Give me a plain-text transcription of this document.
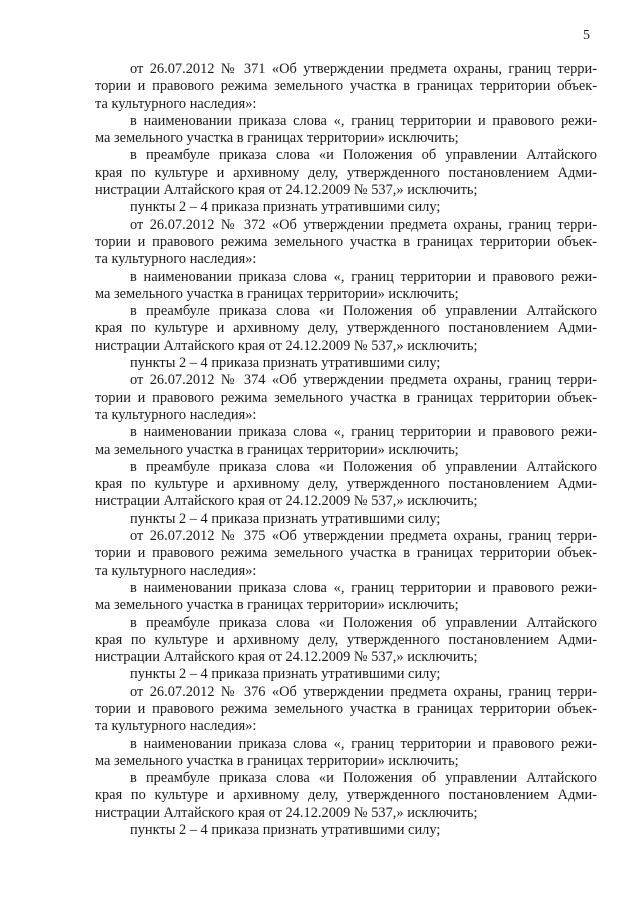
5
от 26.07.2012 № 371 «Об утверждении предмета охраны, границ терри-
тории и правового режима земельного участка в границах территории объек-
та культурного наследия»:
в наименовании приказа слова «, границ территории и правового режи-
ма земельного участка в границах территории» исключить;
в преамбуле приказа слова «и Положения об управлении Алтайского
края по культуре и архивному делу, утвержденного постановлением Адми-
нистрации Алтайского края от 24.12.2009 № 537,» исключить;
пункты 2 – 4 приказа признать утратившими силу;
от 26.07.2012 № 372 «Об утверждении предмета охраны, границ терри-
тории и правового режима земельного участка в границах территории объек-
та культурного наследия»:
в наименовании приказа слова «, границ территории и правового режи-
ма земельного участка в границах территории» исключить;
в преамбуле приказа слова «и Положения об управлении Алтайского
края по культуре и архивному делу, утвержденного постановлением Адми-
нистрации Алтайского края от 24.12.2009 № 537,» исключить;
пункты 2 – 4 приказа признать утратившими силу;
от 26.07.2012 № 374 «Об утверждении предмета охраны, границ терри-
тории и правового режима земельного участка в границах территории объек-
та культурного наследия»:
в наименовании приказа слова «, границ территории и правового режи-
ма земельного участка в границах территории» исключить;
в преамбуле приказа слова «и Положения об управлении Алтайского
края по культуре и архивному делу, утвержденного постановлением Адми-
нистрации Алтайского края от 24.12.2009 № 537,» исключить;
пункты 2 – 4 приказа признать утратившими силу;
от 26.07.2012 № 375 «Об утверждении предмета охраны, границ терри-
тории и правового режима земельного участка в границах территории объек-
та культурного наследия»:
в наименовании приказа слова «, границ территории и правового режи-
ма земельного участка в границах территории» исключить;
в преамбуле приказа слова «и Положения об управлении Алтайского
края по культуре и архивному делу, утвержденного постановлением Адми-
нистрации Алтайского края от 24.12.2009 № 537,» исключить;
пункты 2 – 4 приказа признать утратившими силу;
от 26.07.2012 № 376 «Об утверждении предмета охраны, границ терри-
тории и правового режима земельного участка в границах территории объек-
та культурного наследия»:
в наименовании приказа слова «, границ территории и правового режи-
ма земельного участка в границах территории» исключить;
в преамбуле приказа слова «и Положения об управлении Алтайского
края по культуре и архивному делу, утвержденного постановлением Адми-
нистрации Алтайского края от 24.12.2009 № 537,» исключить;
пункты 2 – 4 приказа признать утратившими силу;
